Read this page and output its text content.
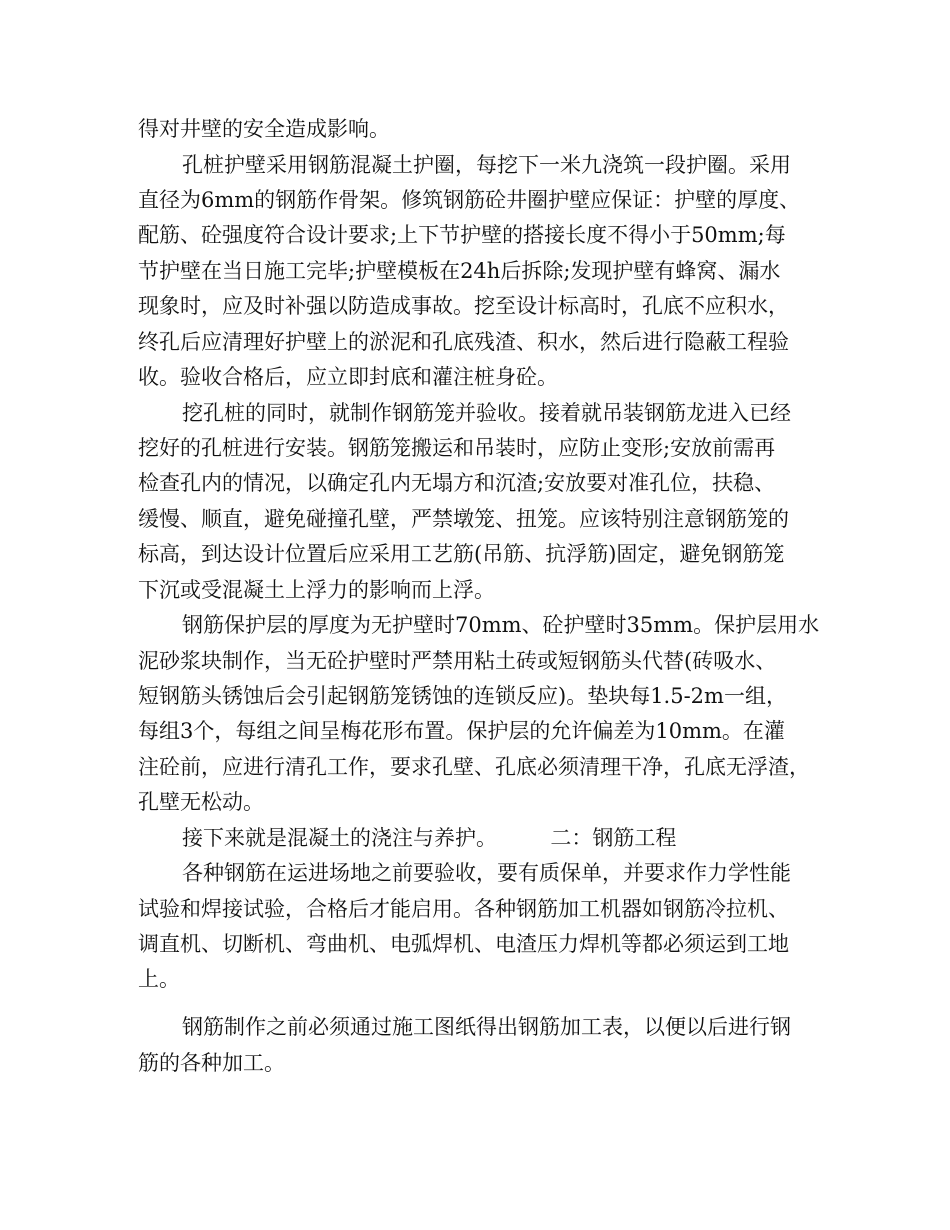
得对井壁的安全造成影响。
孔桩护壁采用钢筋混凝土护圈，每挖下一米九浇筑一段护圈。采用
直径为6mm的钢筋作骨架。修筑钢筋砼井圈护壁应保证：护壁的厚度、
配筋、砼强度符合设计要求;上下节护壁的搭接长度不得小于50mm;每
节护壁在当日施工完毕;护壁模板在24h后拆除;发现护壁有蜂窝、漏水
现象时，应及时补强以防造成事故。挖至设计标高时，孔底不应积水，
终孔后应清理好护壁上的淤泥和孔底残渣、积水，然后进行隐蔽工程验
收。验收合格后，应立即封底和灌注桩身砼。
挖孔桩的同时，就制作钢筋笼并验收。接着就吊装钢筋龙进入已经
挖好的孔桩进行安装。钢筋笼搬运和吊装时，应防止变形;安放前需再
检查孔内的情况，以确定孔内无塌方和沉渣;安放要对准孔位，扶稳、
缓慢、顺直，避免碰撞孔壁，严禁墩笼、扭笼。应该特别注意钢筋笼的
标高，到达设计位置后应采用工艺筋(吊筋、抗浮筋)固定，避免钢筋笼
下沉或受混凝土上浮力的影响而上浮。
钢筋保护层的厚度为无护壁时70mm、砼护壁时35mm。保护层用水
泥砂浆块制作，当无砼护壁时严禁用粘土砖或短钢筋头代替(砖吸水、
短钢筋头锈蚀后会引起钢筋笼锈蚀的连锁反应)。垫块每1.5-2m一组，
每组3个，每组之间呈梅花形布置。保护层的允许偏差为10mm。在灌
注砼前，应进行清孔工作，要求孔壁、孔底必须清理干净，孔底无浮渣，
孔壁无松动。
接下来就是混凝土的浇注与养护。        二：钢筋工程
各种钢筋在运进场地之前要验收，要有质保单，并要求作力学性能
试验和焊接试验，合格后才能启用。各种钢筋加工机器如钢筋冷拉机、
调直机、切断机、弯曲机、电弧焊机、电渣压力焊机等都必须运到工地
上。
钢筋制作之前必须通过施工图纸得出钢筋加工表，以便以后进行钢
筋的各种加工。
